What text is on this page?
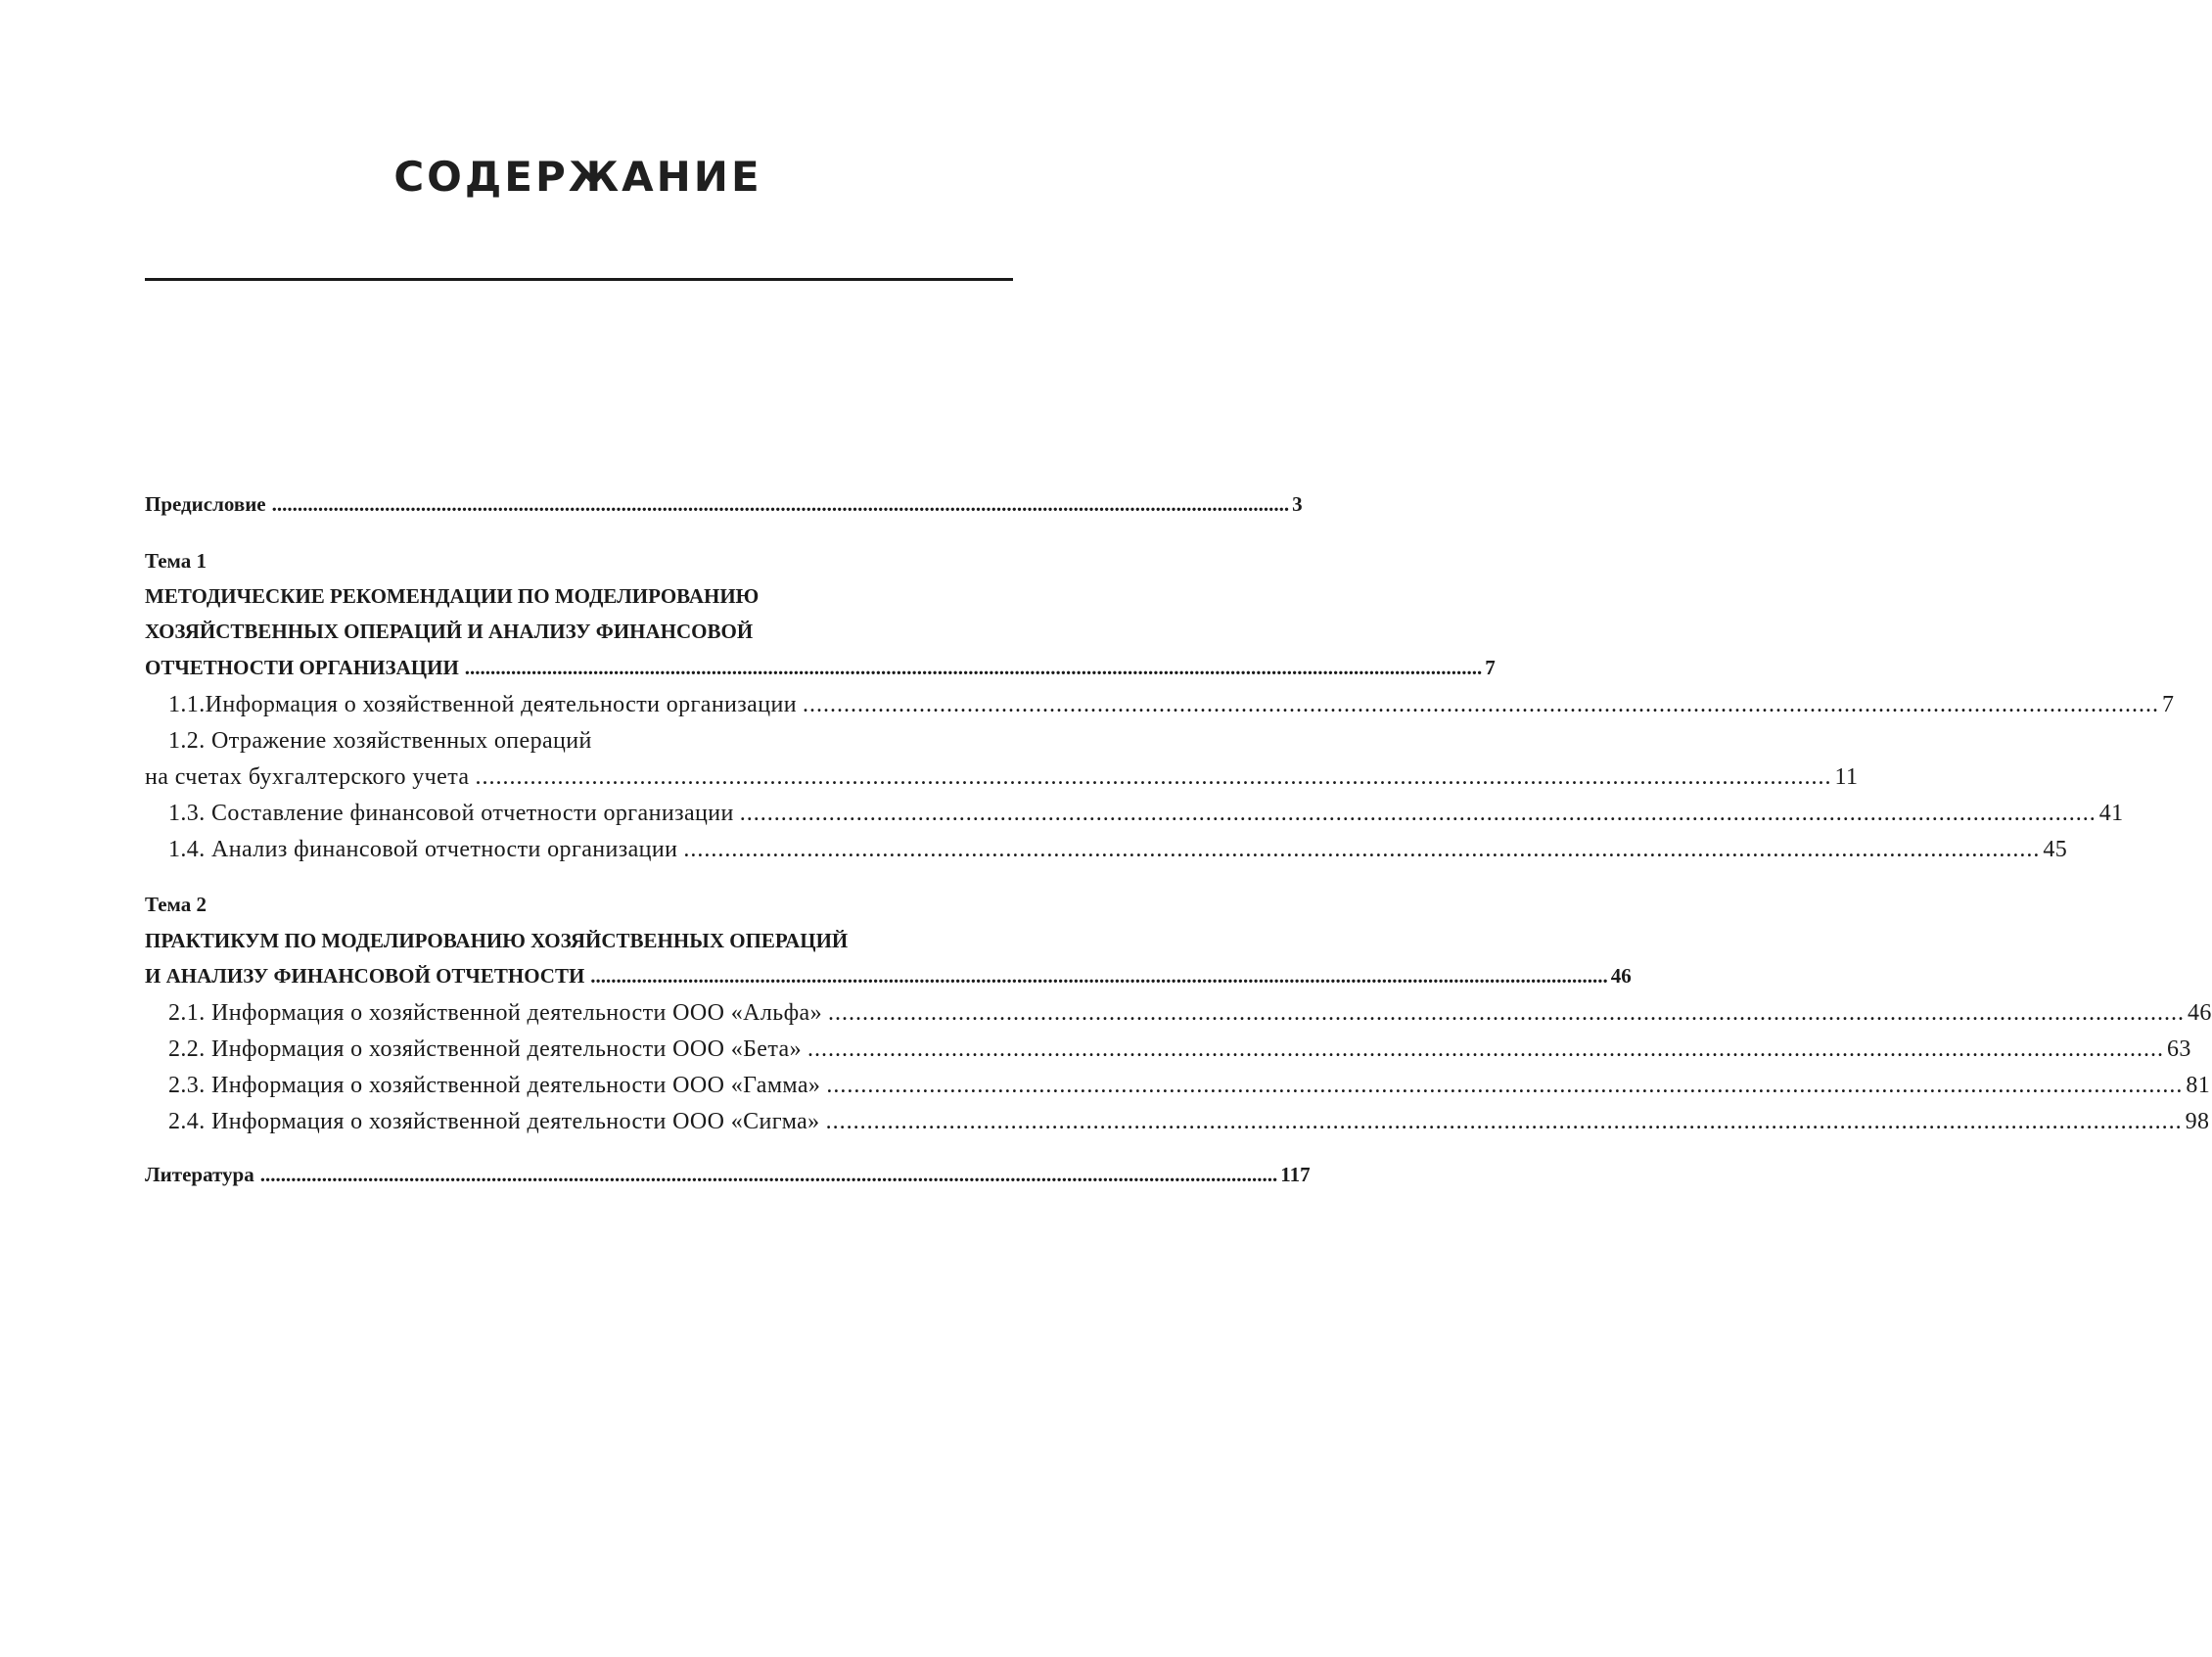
СОДЕРЖАНИЕ
Предисловие ...................................................................................................................................................................................................... 3
Тема 1
МЕТОДИЧЕСКИЕ РЕКОМЕНДАЦИИ ПО МОДЕЛИРОВАНИЮ
ХОЗЯЙСТВЕННЫХ ОПЕРАЦИЙ И АНАЛИЗУ ФИНАНСОВОЙ
ОТЧЕТНОСТИ ОРГАНИЗАЦИИ ...................................................................................................................................................................................................... 7
1.1.Информация о хозяйственной деятельности организации ...................................................................................................................................................................................................... 7
1.2. Отражение хозяйственных операций
на счетах бухгалтерского учета ...................................................................................................................................................................................................... 11
1.3. Составление финансовой отчетности организации ...................................................................................................................................................................................................... 41
1.4. Анализ финансовой отчетности организации ...................................................................................................................................................................................................... 45
Тема 2
ПРАКТИКУМ ПО МОДЕЛИРОВАНИЮ ХОЗЯЙСТВЕННЫХ ОПЕРАЦИЙ
И АНАЛИЗУ ФИНАНСОВОЙ ОТЧЕТНОСТИ ...................................................................................................................................................................................................... 46
2.1. Информация о хозяйственной деятельности ООО «Альфа» ...................................................................................................................................................................................................... 46
2.2. Информация о хозяйственной деятельности ООО «Бета» ...................................................................................................................................................................................................... 63
2.3. Информация о хозяйственной деятельности ООО «Гамма» ...................................................................................................................................................................................................... 81
2.4. Информация о хозяйственной деятельности ООО «Сигма» ...................................................................................................................................................................................................... 98
Литература ...................................................................................................................................................................................................... 117
